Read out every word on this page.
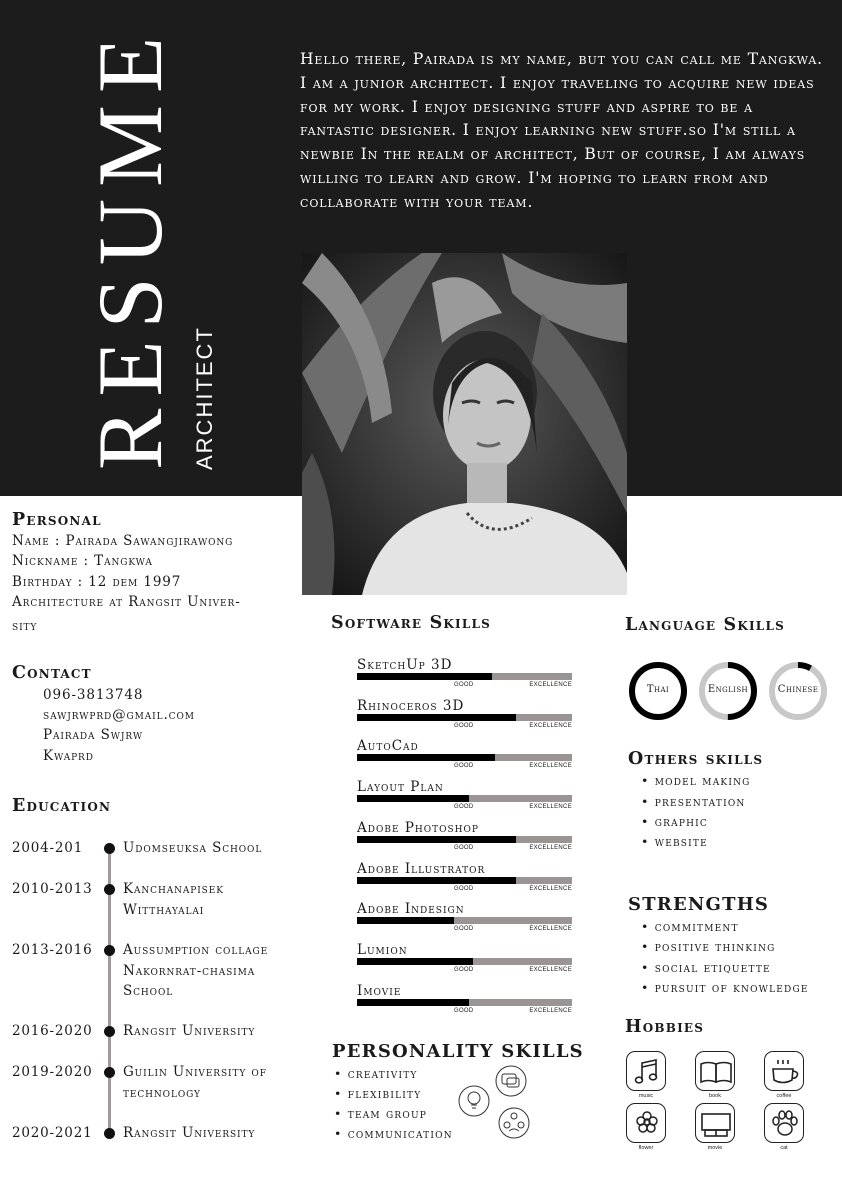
RESUME ARCHITECT
Hello there, Pairada is my name, but you can call me Tangkwa. I am a junior architect. I enjoy traveling to acquire new ideas for my work. I enjoy designing stuff and aspire to be a fantastic designer. I enjoy learning new stuff.so I'm still a newbie In the realm of architect, But of course, I am always willing to learn and grow. I'm hoping to learn from and collaborate with your team.
Personal
Name : Pairada Sawangjirawong
Nickname : Tangkwa
Birthday : 12 dem 1997
Architecture at Rangsit Univer-
sity
Contact
096-3813748
sawjrwprd@gmail.com
Pairada Swjrw
Kwaprd
Education
2004-201	Udomseuksa School
2010-2013 Kanchanapisek Witthayalai
2013-2016 Aussumption collage Nakornrat-chasima School
2016-2020 Rangsit University
2019-2020 Guilin University of technology
2020-2021 Rangsit University
Software Skills
SketchUp 3D
GOOD	EXCELLENCE
Rhinoceros 3D
GOOD	EXCELLENCE
AutoCad
GOOD	EXCELLENCE
Layout Plan
GOOD	EXCELLENCE
Adobe Photoshop
GOOD	EXCELLENCE
Adobe Illustrator
GOOD	EXCELLENCE
Adobe Indesign
GOOD	EXCELLENCE
Lumion
GOOD	EXCELLENCE
Imovie
GOOD	EXCELLENCE
PERSONALITY SKILLS
• creativity
• flexibility
• team group
• communication
Language Skills
Thai	English	Chinese
Others skills
• model making
• presentation
• graphic
• website
STRENGTHS
• commitment
• positive thinking
• social etiquette
• pursuit of knowledge
Hobbies
music	book	coffee
flower	movie	cat
